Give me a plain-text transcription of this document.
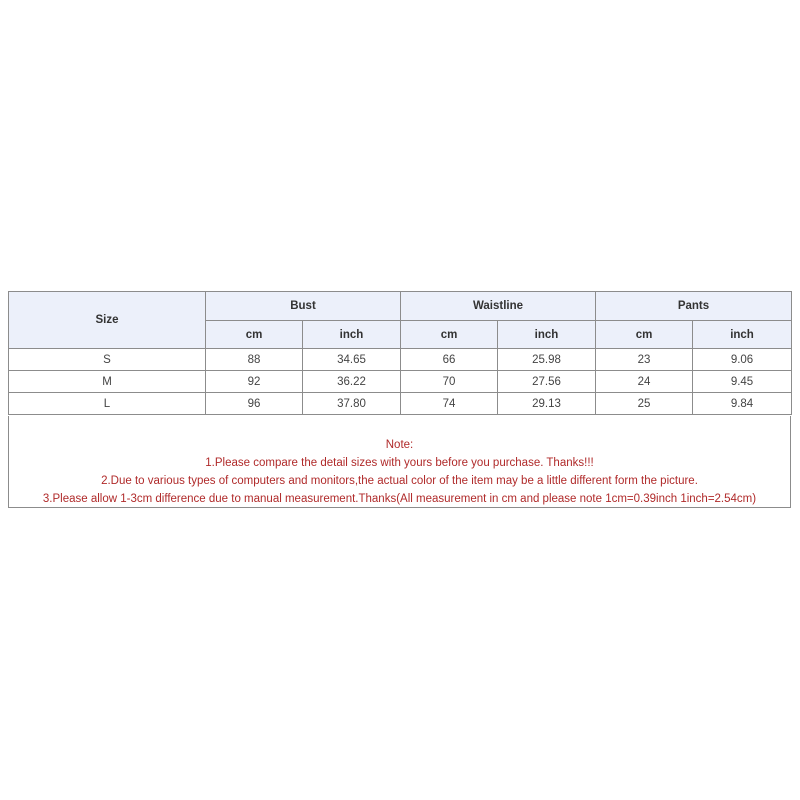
Size	Bust		Waistline		Pants	
	cm	inch	cm	inch	cm	inch
S	88	34.65	66	25.98	23	9.06
M	92	36.22	70	27.56	24	9.45
L	96	37.80	74	29.13	25	9.84
Note:
1.Please compare the detail sizes with yours before you purchase. Thanks!!!
2.Due to various types of computers and monitors,the actual color of the item may be a little different form the picture.
3.Please allow 1-3cm difference due to manual measurement.Thanks(All measurement in cm and please note 1cm=0.39inch 1inch=2.54cm)
